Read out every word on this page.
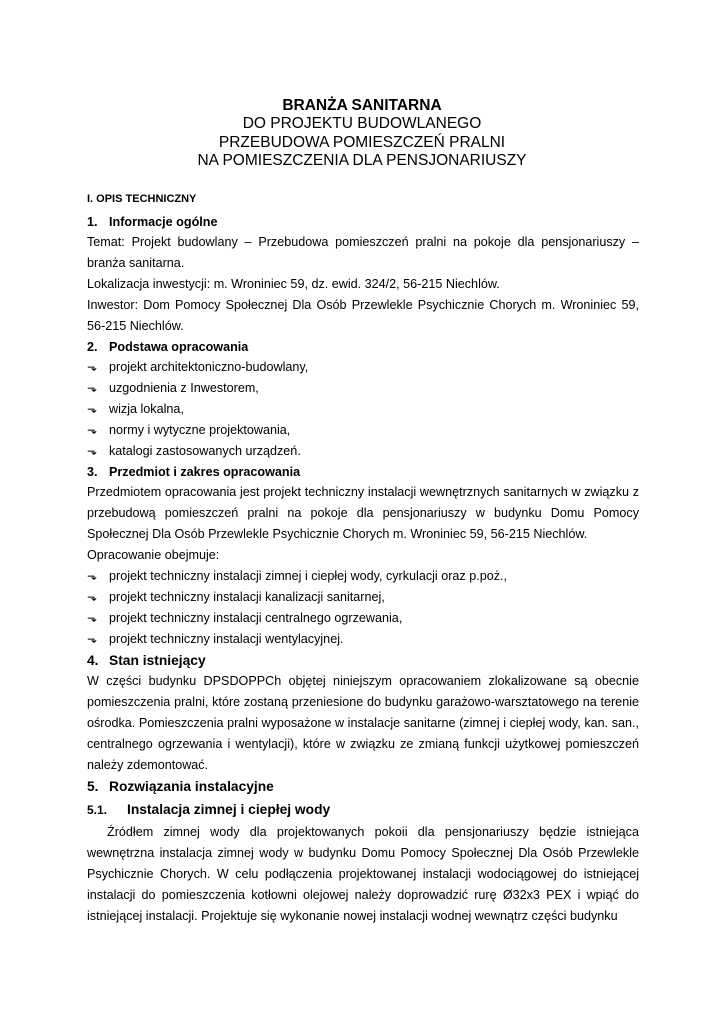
BRANŻA SANITARNA
DO PROJEKTU BUDOWLANEGO
PRZEBUDOWA POMIESZCZEŃ PRALNI
NA POMIESZCZENIA DLA PENSJONARIUSZY
I. OPIS TECHNICZNY
1. Informacje ogólne

Temat: Projekt budowlany – Przebudowa pomieszczeń pralni na pokoje dla pensjonariuszy – branża sanitarna.

Lokalizacja inwestycji: m. Wroniniec 59, dz. ewid. 324/2, 56-215 Niechlów.

Inwestor: Dom Pomocy Społecznej Dla Osób Przewlekle Psychicznie Chorych m. Wroniniec 59, 56-215 Niechlów.

2. Podstawa opracowania
⬎ projekt architektoniczno-budowlany,
⬎ uzgodnienia z Inwestorem,
⬎ wizja lokalna,
⬎ normy i wytyczne projektowania,
⬎ katalogi zastosowanych urządzeń.
3. Przedmiot i zakres opracowania

Przedmiotem opracowania jest projekt techniczny instalacji wewnętrznych sanitarnych w związku z przebudową pomieszczeń pralni na pokoje dla pensjonariuszy w budynku Domu Pomocy Społecznej Dla Osób Przewlekle Psychicznie Chorych m. Wroniniec 59, 56-215 Niechlów.

Opracowanie obejmuje:

⬎ projekt techniczny instalacji zimnej i ciepłej wody, cyrkulacji oraz p.poż.,
⬎ projekt techniczny instalacji kanalizacji sanitarnej,
⬎ projekt techniczny instalacji centralnego ogrzewania,
⬎ projekt techniczny instalacji wentylacyjnej.
4. Stan istniejący

W części budynku DPSDOPPCh objętej niniejszym opracowaniem zlokalizowane są obecnie pomieszczenia pralni, które zostaną przeniesione do budynku garażowo-warsztatowego na terenie ośrodka. Pomieszczenia pralni wyposażone w instalacje sanitarne (zimnej i ciepłej wody, kan. san., centralnego ogrzewania i wentylacji), które w związku ze zmianą funkcji użytkowej pomieszczeń należy zdemontować.

5. Rozwiązania instalacyjne
5.1. Instalacja zimnej i ciepłej wody

Źródłem zimnej wody dla projektowanych pokoii dla pensjonariuszy będzie istniejąca wewnętrzna instalacja zimnej wody w budynku Domu Pomocy Społecznej Dla Osób Przewlekle Psychicznie Chorych. W celu podłączenia projektowanej instalacji wodociągowej do istniejącej instalacji do pomieszczenia kotłowni olejowej należy doprowadzić rurę Ø32x3 PEX i wpiąć do istniejącej instalacji. Projektuje się wykonanie nowej instalacji wodnej wewnątrz części budynku
